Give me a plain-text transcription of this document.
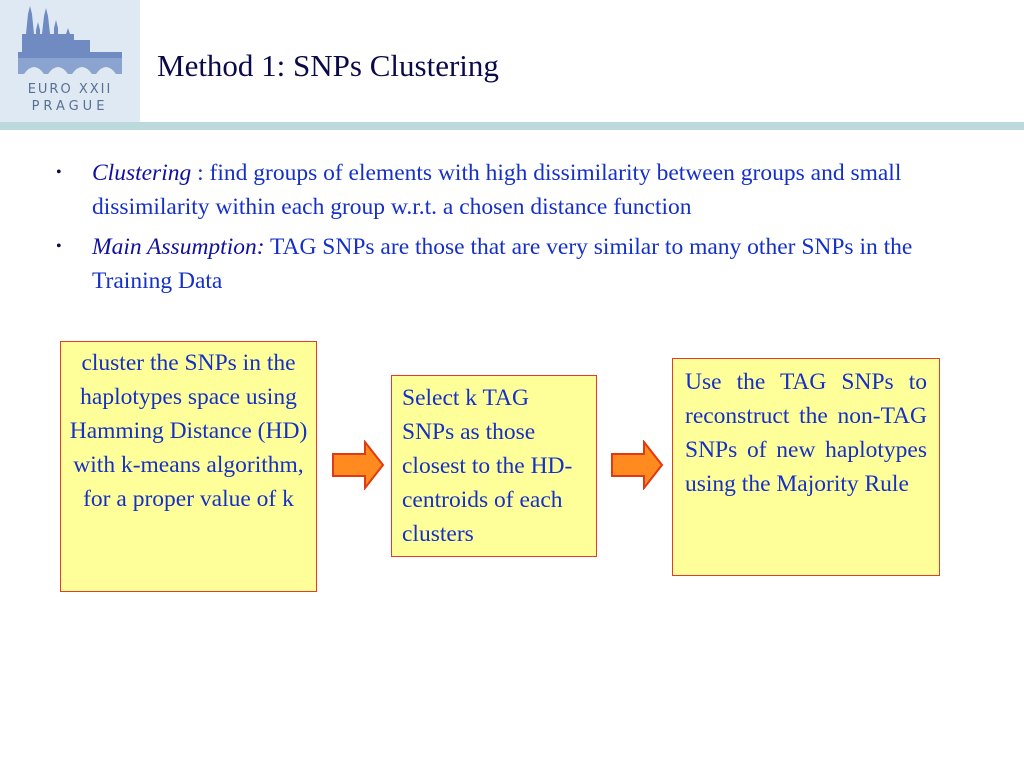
EURO XXII
PRAGUE
Method 1: SNPs Clustering
• Clustering : find groups of elements with high dissimilarity between groups and small dissimilarity within each group w.r.t. a chosen distance function
• Main Assumption: TAG SNPs are those that are very similar to many other SNPs in the Training Data
cluster the SNPs in the haplotypes space using Hamming Distance (HD) with k-means algorithm, for a proper value of k
Select k TAG SNPs as those closest to the HD-centroids of each clusters
Use the TAG SNPs to reconstruct the non-TAG SNPs of new haplotypes using the Majority Rule
